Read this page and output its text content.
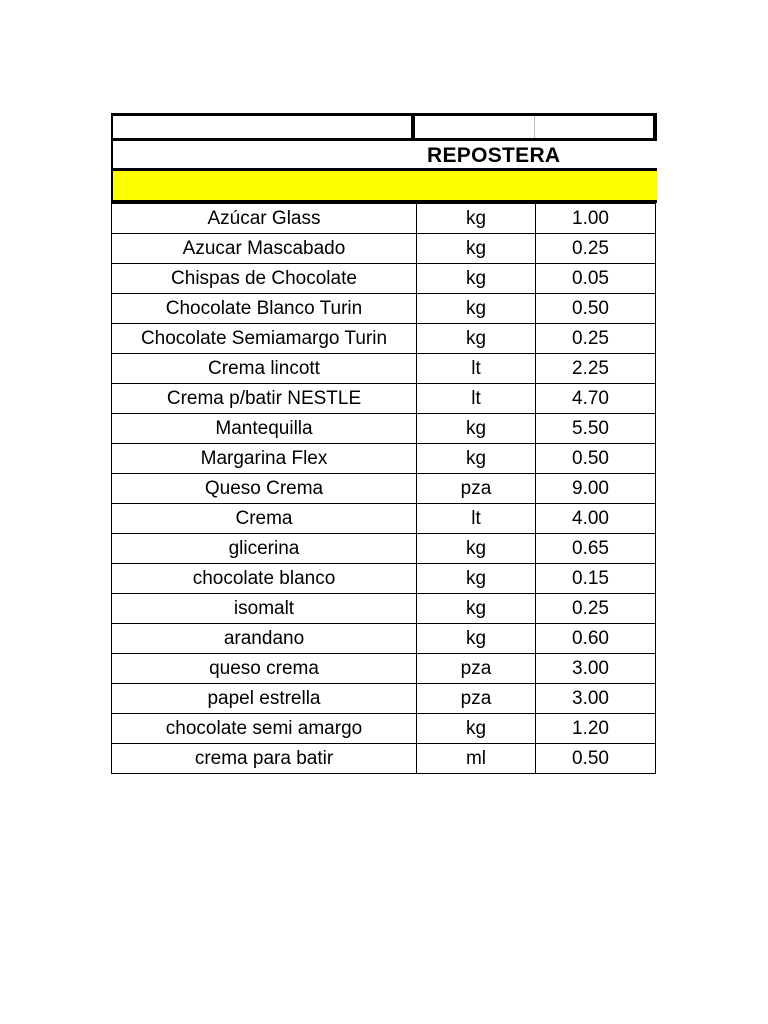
REPOSTERA
Azúcar Glass	kg	1.00
Azucar Mascabado	kg	0.25
Chispas de Chocolate	kg	0.05
Chocolate Blanco Turin	kg	0.50
Chocolate Semiamargo Turin	kg	0.25
Crema lincott	lt	2.25
Crema p/batir NESTLE	lt	4.70
Mantequilla	kg	5.50
Margarina Flex	kg	0.50
Queso Crema	pza	9.00
Crema	lt	4.00
glicerina	kg	0.65
chocolate blanco	kg	0.15
isomalt	kg	0.25
arandano	kg	0.60
queso crema	pza	3.00
papel estrella	pza	3.00
chocolate semi amargo	kg	1.20
crema para batir	ml	0.50
